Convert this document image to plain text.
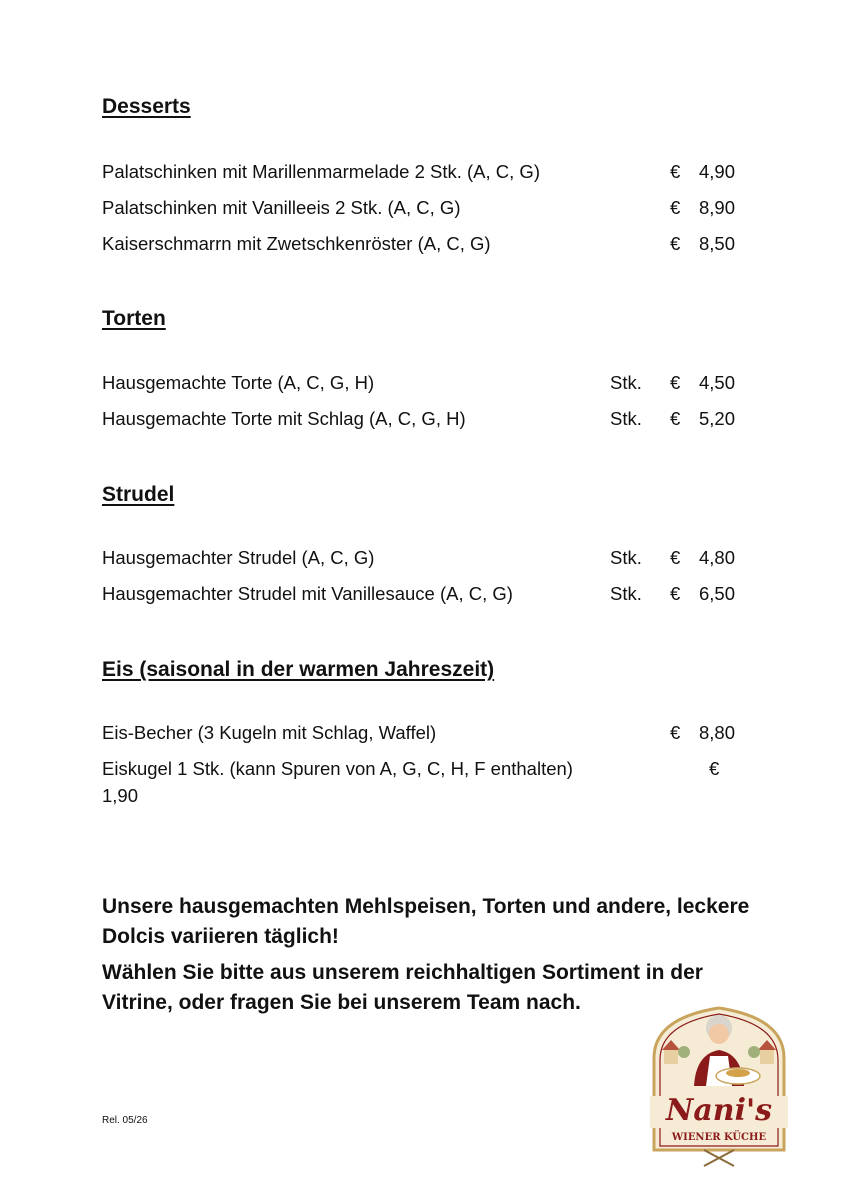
Desserts
Palatschinken mit Marillenmarmelade 2 Stk. (A, C, G)	€ 4,90
Palatschinken mit Vanilleeis 2 Stk. (A, C, G)	€ 8,90
Kaiserschmarrn mit Zwetschkenröster (A, C, G)	€ 8,50
Torten
Hausgemachte Torte (A, C, G, H)	Stk. € 4,50
Hausgemachte Torte mit Schlag (A, C, G, H)	Stk. € 5,20
Strudel
Hausgemachter Strudel (A, C, G)	Stk. € 4,80
Hausgemachter Strudel mit Vanillesauce (A, C, G)	Stk. € 6,50
Eis (saisonal in der warmen Jahreszeit)
Eis-Becher (3 Kugeln mit Schlag, Waffel)	€ 8,80
Eiskugel 1 Stk. (kann Spuren von A, G, C, H, F enthalten)	€
1,90
Unsere hausgemachten Mehlspeisen, Torten und andere, leckere Dolcis variieren täglich!
Wählen Sie bitte aus unserem reichhaltigen Sortiment in der Vitrine, oder fragen Sie bei unserem Team nach.
Rel. 05/26	Nani's
WIENER KÜCHE
